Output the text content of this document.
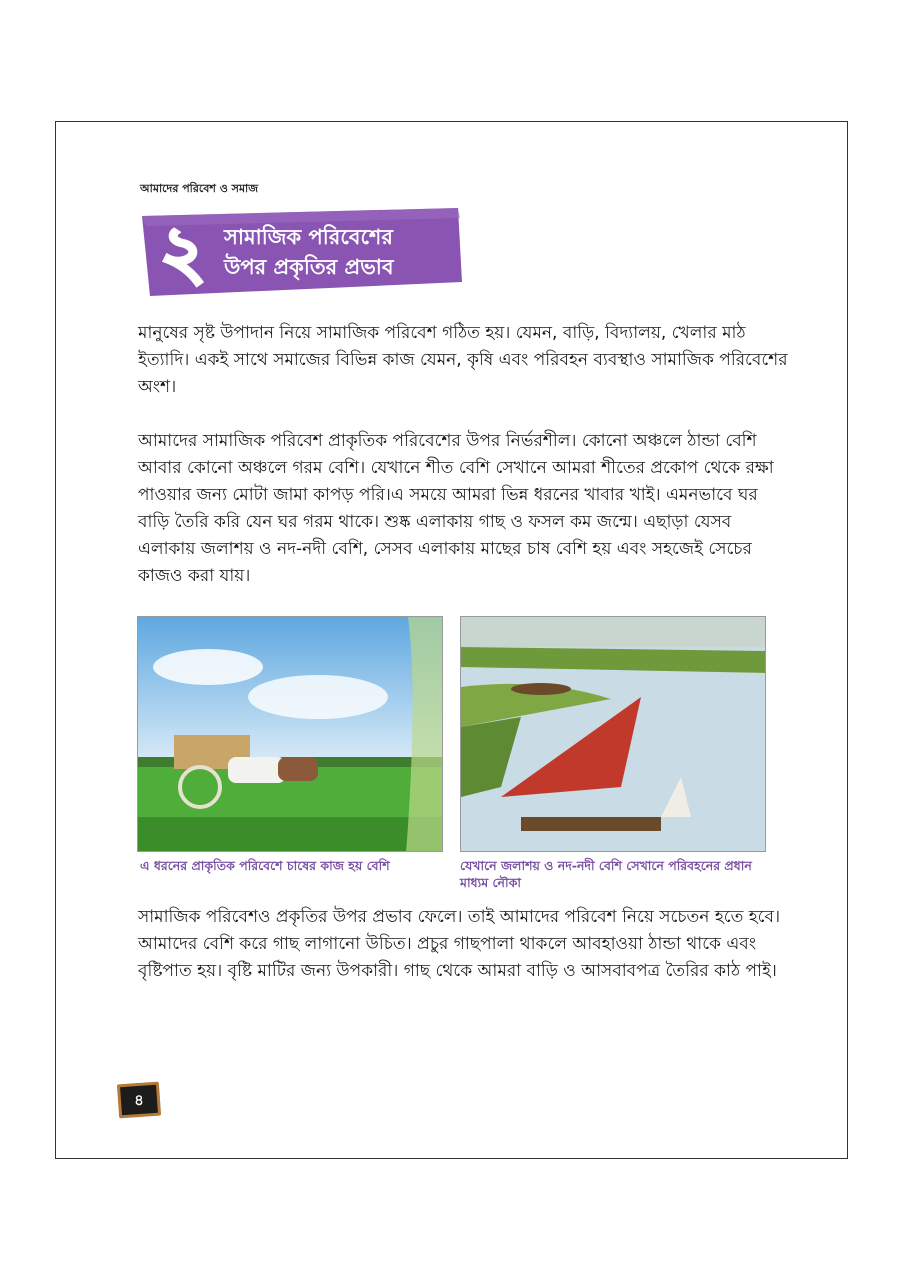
আমাদের পরিবেশ ও সমাজ
২ সামাজিক পরিবেশের
উপর প্রকৃতির প্রভাব

মানুষের সৃষ্ট উপাদান নিয়ে সামাজিক পরিবেশ গঠিত হয়। যেমন, বাড়ি, বিদ্যালয়, খেলার মাঠ ইত্যাদি। একই সাথে সমাজের বিভিন্ন কাজ যেমন, কৃষি এবং পরিবহন ব্যবস্থাও সামাজিক পরিবেশের অংশ।

আমাদের সামাজিক পরিবেশ প্রাকৃতিক পরিবেশের উপর নির্ভরশীল। কোনো অঞ্চলে ঠান্ডা বেশি আবার কোনো অঞ্চলে গরম বেশি। যেখানে শীত বেশি সেখানে আমরা শীতের প্রকোপ থেকে রক্ষা পাওয়ার জন্য মোটা জামা কাপড় পরি।এ সময়ে আমরা ভিন্ন ধরনের খাবার খাই। এমনভাবে ঘর বাড়ি তৈরি করি যেন ঘর গরম থাকে। শুষ্ক এলাকায় গাছ ও ফসল কম জন্মে। এছাড়া যেসব এলাকায় জলাশয় ও নদ-নদী বেশি, সেসব এলাকায় মাছের চাষ বেশি হয় এবং সহজেই সেচের কাজও করা যায়।

এ ধরনের প্রাকৃতিক পরিবেশে চাষের কাজ হয় বেশি	যেখানে জলাশয় ও নদ-নদী বেশি সেখানে পরিবহনের প্রধান মাধ্যম নৌকা

সামাজিক পরিবেশও প্রকৃতির উপর প্রভাব ফেলে। তাই আমাদের পরিবেশ নিয়ে সচেতন হতে হবে। আমাদের বেশি করে গাছ লাগানো উচিত। প্রচুর গাছপালা থাকলে আবহাওয়া ঠান্ডা থাকে এবং বৃষ্টিপাত হয়। বৃষ্টি মাটির জন্য উপকারী। গাছ থেকে আমরা বাড়ি ও আসবাবপত্র তৈরির কাঠ পাই।

৪
